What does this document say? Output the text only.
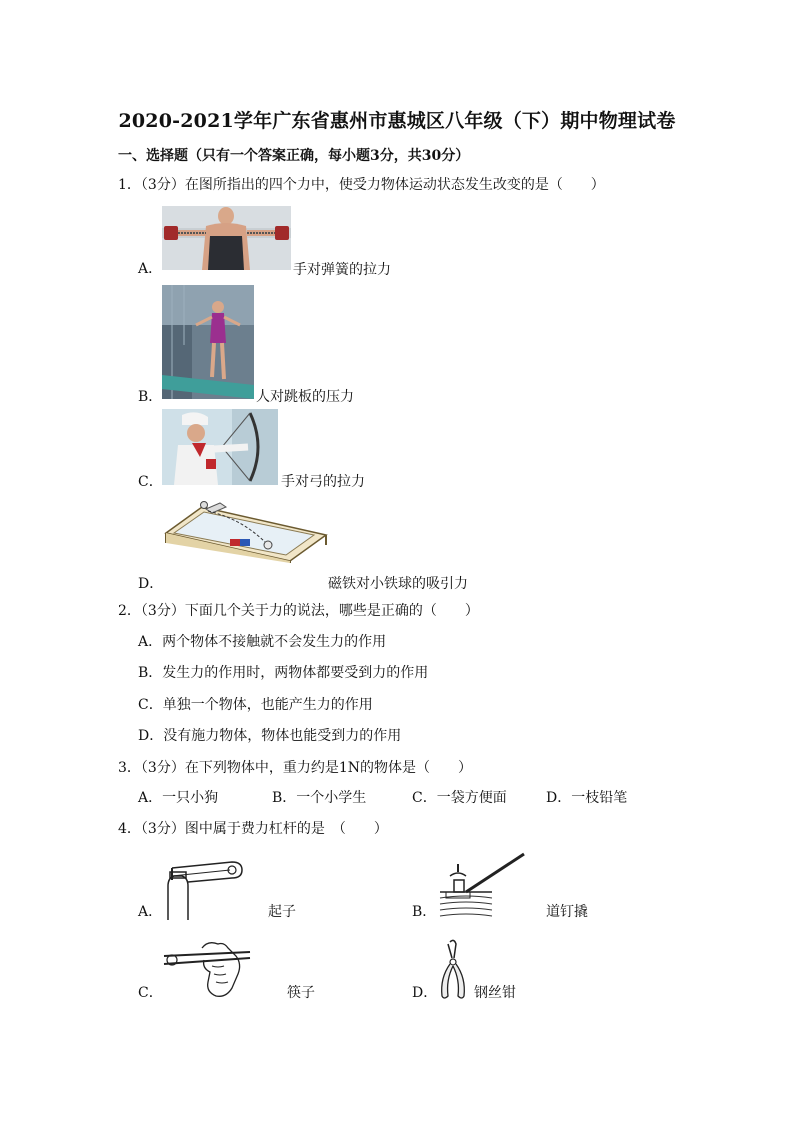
2020-2021学年广东省惠州市惠城区八年级（下）期中物理试卷
一、选择题（只有一个答案正确，每小题3分，共30分）
1．（3分）在图所指出的四个力中，使受力物体运动状态发生改变的是（　　）
A．	手对弹簧的拉力
B．	人对跳板的压力
C．	手对弓的拉力
D．	磁铁对小铁球的吸引力
2．（3分）下面几个关于力的说法，哪些是正确的（　　）
A．两个物体不接触就不会发生力的作用
B．发生力的作用时，两物体都要受到力的作用
C．单独一个物体，也能产生力的作用
D．没有施力物体，物体也能受到力的作用
3．（3分）在下列物体中，重力约是1N的物体是（　　）
A．一只小狗	B．一个小学生	C．一袋方便面	D．一枝铅笔
4．（3分）图中属于费力杠杆的是　（　　）
A．	起子	B．	道钉撬
C．	筷子	D．	钢丝钳
